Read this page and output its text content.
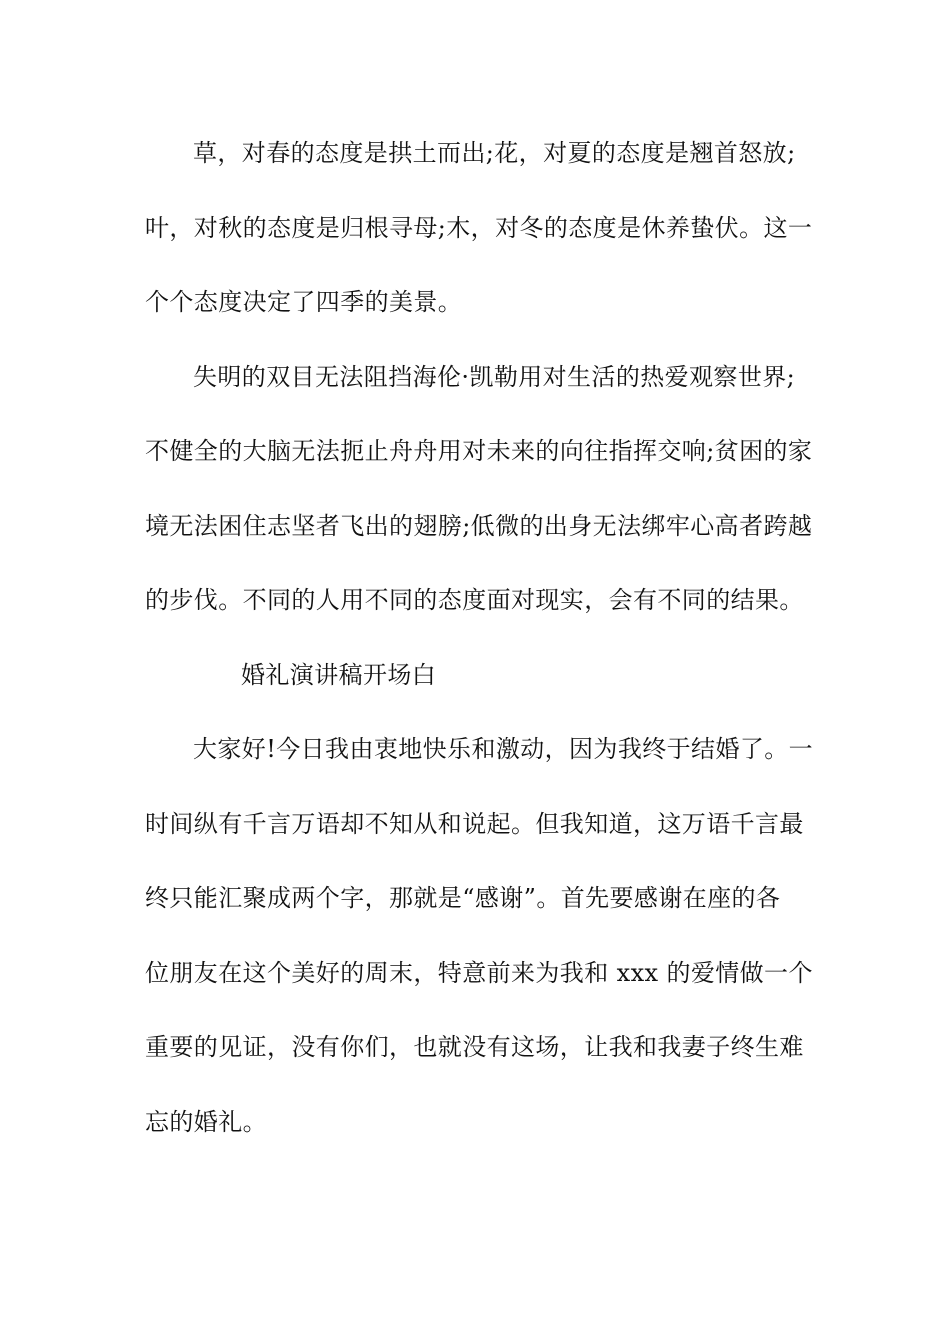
草，对春的态度是拱土而出;花，对夏的态度是翘首怒放;
叶，对秋的态度是归根寻母;木，对冬的态度是休养蛰伏。这一
个个态度决定了四季的美景。
失明的双目无法阻挡海伦·凯勒用对生活的热爱观察世界;
不健全的大脑无法扼止舟舟用对未来的向往指挥交响;贫困的家
境无法困住志坚者飞出的翅膀;低微的出身无法绑牢心高者跨越
的步伐。不同的人用不同的态度面对现实，会有不同的结果。
婚礼演讲稿开场白
大家好!今日我由衷地快乐和激动，因为我终于结婚了。一
时间纵有千言万语却不知从和说起。但我知道，这万语千言最
终只能汇聚成两个字，那就是“感谢”。首先要感谢在座的各
位朋友在这个美好的周末，特意前来为我和 xxx 的爱情做一个
重要的见证，没有你们，也就没有这场，让我和我妻子终生难
忘的婚礼。
